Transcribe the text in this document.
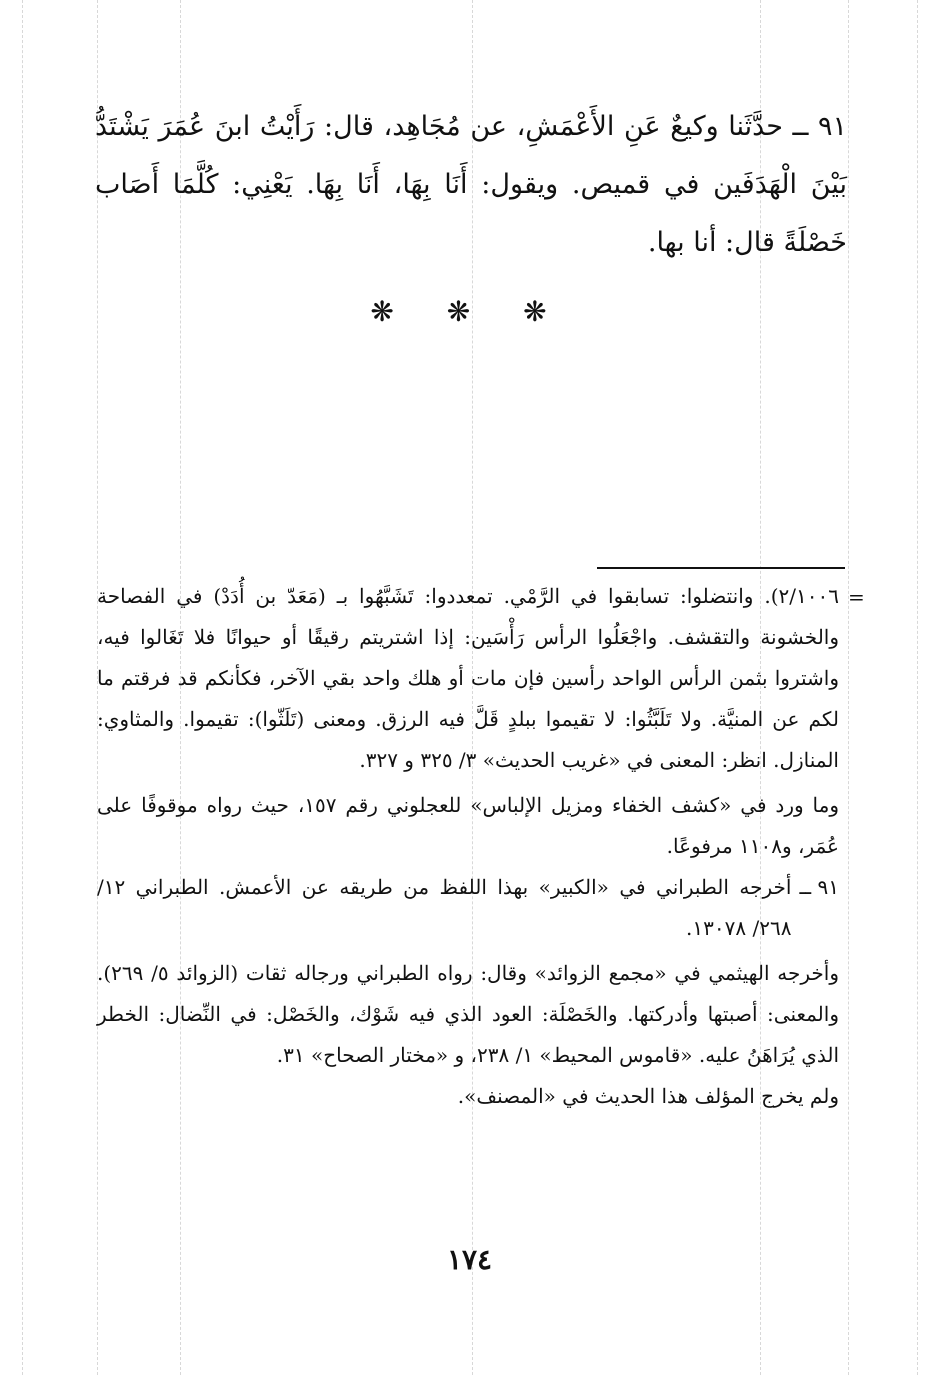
٩١ ــ حدَّثَنا وكيعٌ عَنِ الأَعْمَشِ، عن مُجَاهِد، قال: رَأَيْتُ ابنَ عُمَرَ يَشْتَدُّ بَيْنَ الْهَدَفَين في قميص. ويقول: أَنَا بِهَا، أَنَا بِهَا. يَعْنِي: كُلَّمَا أَصَاب خَصْلَةً قال: أنا بها.

❋ ❋ ❋

=

٢/١٠٠٦). وانتضلوا: تسابقوا في الرَّمْي. تمعددوا: تَشَبَّهُوا بـ (مَعَدّ بن أُدَدْ) في الفصاحة والخشونة والتقشف. واجْعَلُوا الرأس رَأْسَين: إذا اشتريتم رقيقًا أو حيوانًا فلا تَغَالوا فيه، واشتروا بثمن الرأس الواحد رأسين فإن مات أو هلك واحد بقي الآخر، فكأنكم قد فرقتم ما لكم عن المنيَّة. ولا تَلَبَّثُوا: لا تقيموا ببلدٍ قَلَّ فيه الرزق. ومعنى (تَلَثّوا): تقيموا. والمثاوي: المنازل. انظر: المعنى في «غريب الحديث» ٣/ ٣٢٥ و ٣٢٧.

وما ورد في «كشف الخفاء ومزيل الإلباس» للعجلوني رقم ١٥٧، حيث رواه موقوفًا على عُمَر، و١١٠٨ مرفوعًا.

٩١ ــ
أخرجه الطبراني في «الكبير» بهذا اللفظ من طريقه عن الأعمش. الطبراني ١٢/ ٢٦٨/ ١٣٠٧٨.

وأخرجه الهيثمي في «مجمع الزوائد» وقال: رواه الطبراني ورجاله ثقات (الزوائد ٥/ ٢٦٩). والمعنى: أصبتها وأدركتها. والخَصْلَة: العود الذي فيه شَوْك، والخَصْل: في النِّضال: الخطر الذي يُرَاهَنُ عليه. «قاموس المحيط» ١/ ٢٣٨، و «مختار الصحاح» ٣١.

ولم يخرج المؤلف هذا الحديث في «المصنف».

١٧٤
